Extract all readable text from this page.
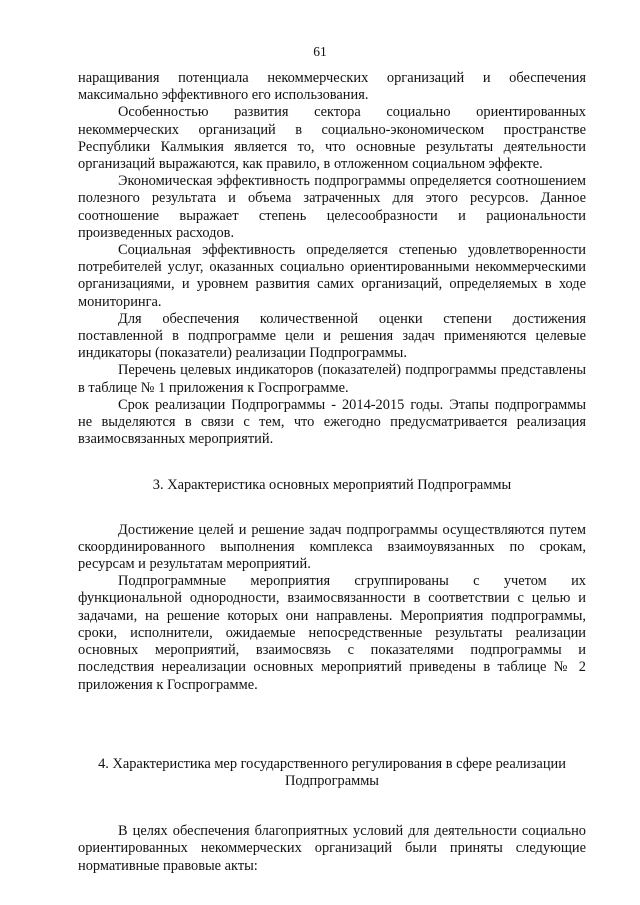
61

наращивания потенциала некоммерческих организаций и обеспечения максимально эффективного его использования.

Особенностью развития сектора социально ориентированных некоммерческих организаций в социально-экономическом пространстве Республики Калмыкия является то, что основные результаты деятельности организаций выражаются, как правило, в отложенном социальном эффекте.

Экономическая эффективность подпрограммы определяется соотношением полезного результата и объема затраченных для этого ресурсов. Данное соотношение выражает степень целесообразности и рациональности произведенных расходов.

Социальная эффективность определяется степенью удовлетворенности потребителей услуг, оказанных социально ориентированными некоммерческими организациями, и уровнем развития самих организаций, определяемых в ходе мониторинга.

Для обеспечения количественной оценки степени достижения поставленной в подпрограмме цели и решения задач применяются целевые индикаторы (показатели) реализации Подпрограммы.

Перечень целевых индикаторов (показателей) подпрограммы представлены в таблице № 1 приложения к Госпрограмме.

Срок реализации Подпрограммы - 2014-2015 годы. Этапы подпрограммы не выделяются в связи с тем, что ежегодно предусматривается реализация взаимосвязанных мероприятий.

3. Характеристика основных мероприятий Подпрограммы

Достижение целей и решение задач подпрограммы осуществляются путем скоординированного выполнения комплекса взаимоувязанных по срокам, ресурсам и результатам мероприятий.

Подпрограммные мероприятия сгруппированы с учетом их функциональной однородности, взаимосвязанности в соответствии с целью и задачами, на решение которых они направлены. Мероприятия подпрограммы, сроки, исполнители, ожидаемые непосредственные результаты реализации основных мероприятий, взаимосвязь с показателями подпрограммы и последствия нереализации основных мероприятий приведены в таблице № 2 приложения к Госпрограмме.

4. Характеристика мер государственного регулирования в сфере реализации
Подпрограммы

В целях обеспечения благоприятных условий для деятельности социально ориентированных некоммерческих организаций были приняты следующие нормативные правовые акты:
